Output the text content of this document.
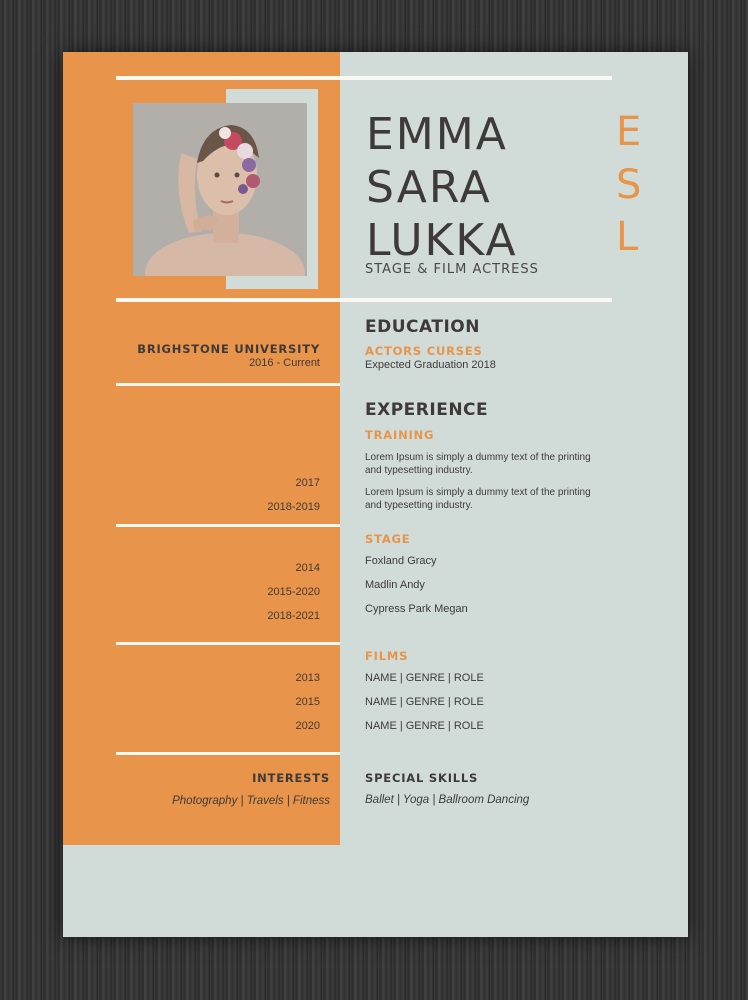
EMMA
SARA
LUKKA
STAGE & FILM ACTRESS
E
S
L
EDUCATION
BRIGHSTONE UNIVERSITY
2016 - Current
ACTORS CURSES
Expected Graduation 2018
EXPERIENCE
TRAINING
Lorem Ipsum is simply a dummy text of the printing
and typesetting industry.
Lorem Ipsum is simply a dummy text of the printing
and typesetting industry.
2017
2018-2019
STAGE
Foxland Gracy
Madlin Andy
Cypress Park Megan
2014
2015-2020
2018-2021
FILMS
NAME | GENRE | ROLE
NAME | GENRE | ROLE
NAME | GENRE | ROLE
2013
2015
2020
INTERESTS
Photography | Travels | Fitness
SPECIAL SKILLS
Ballet | Yoga | Ballroom Dancing
